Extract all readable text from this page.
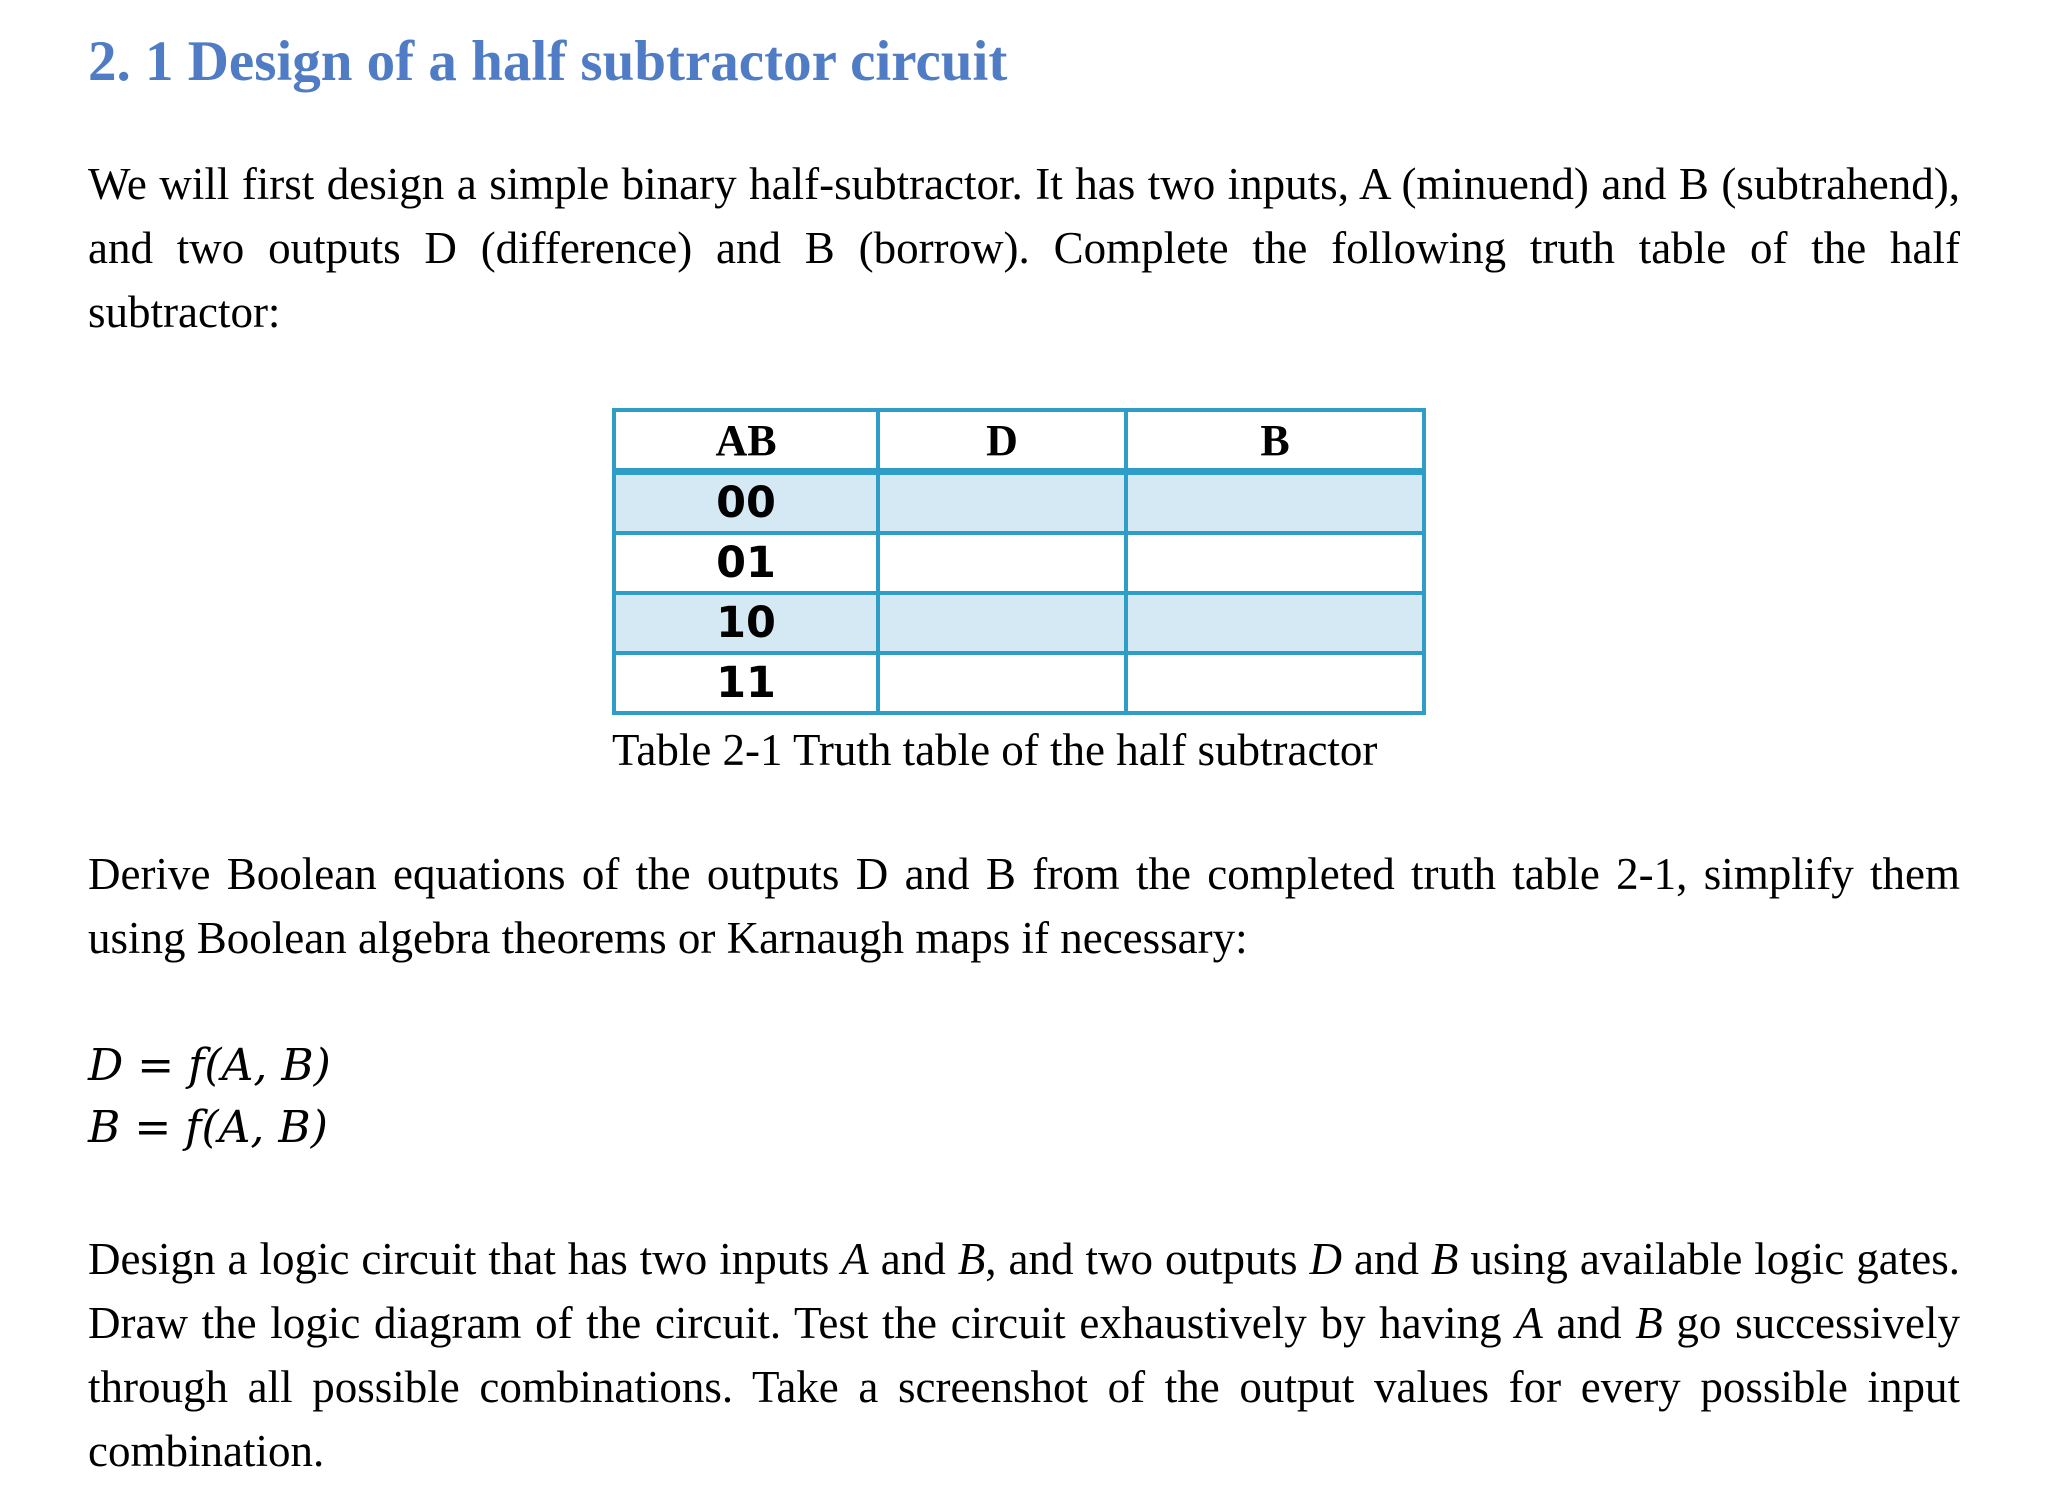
2. 1 Design of a half subtractor circuit

We will first design a simple binary half-subtractor. It has two inputs, A (minuend) and B (subtrahend), and two outputs D (difference) and B (borrow). Complete the following truth table of the half subtractor:

AB	D	B
00		
01		
10		
11		

Table 2-1 Truth table of the half subtractor

Derive Boolean equations of the outputs D and B from the completed truth table 2-1, simplify them using Boolean algebra theorems or Karnaugh maps if necessary:

D = f(A, B)

B = f(A, B)

Design a logic circuit that has two inputs A and B, and two outputs D and B using available logic gates. Draw the logic diagram of the circuit. Test the circuit exhaustively by having A and B go successively through all possible combinations. Take a screenshot of the output values for every possible input combination.
